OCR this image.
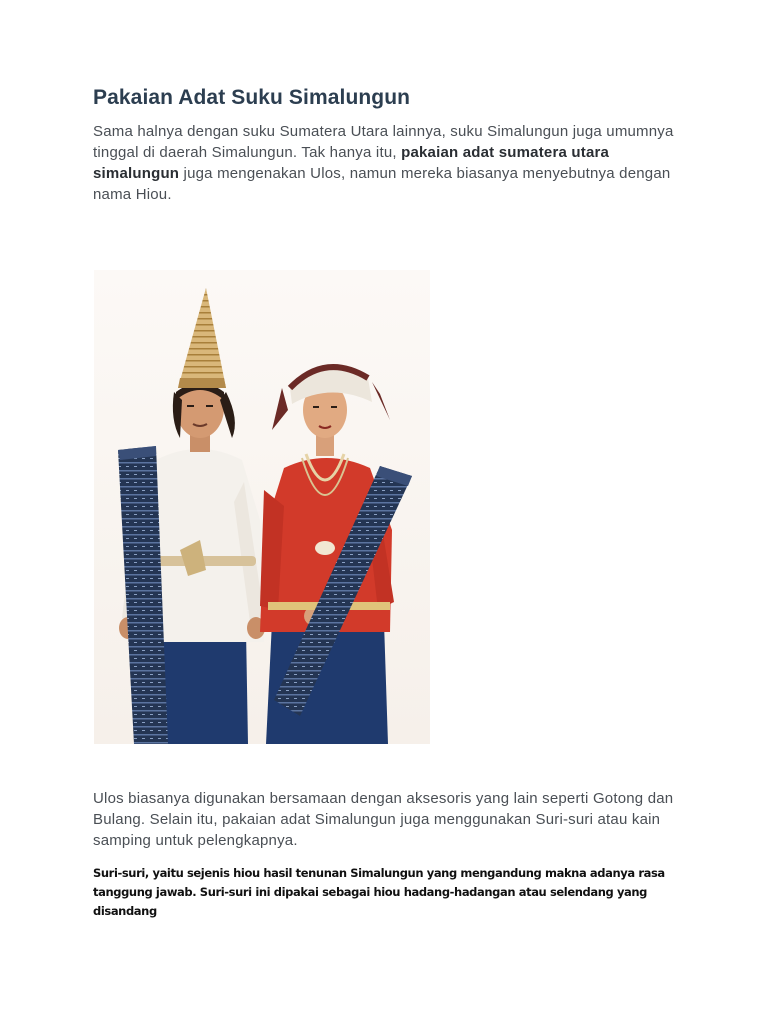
Pakaian Adat Suku Simalungun

Sama halnya dengan suku Sumatera Utara lainnya, suku Simalungun juga umumnya tinggal di daerah Simalungun. Tak hanya itu, pakaian adat sumatera utara simalungun juga mengenakan Ulos, namun mereka biasanya menyebutnya dengan nama Hiou.

Ulos biasanya digunakan bersamaan dengan aksesoris yang lain seperti Gotong dan Bulang. Selain itu, pakaian adat Simalungun juga menggunakan Suri-suri atau kain samping untuk pelengkapnya.

Suri-suri, yaitu sejenis hiou hasil tenunan Simalungun yang mengandung makna adanya rasa tanggung jawab. Suri-suri ini dipakai sebagai hiou hadang-hadangan atau selendang yang disandang
